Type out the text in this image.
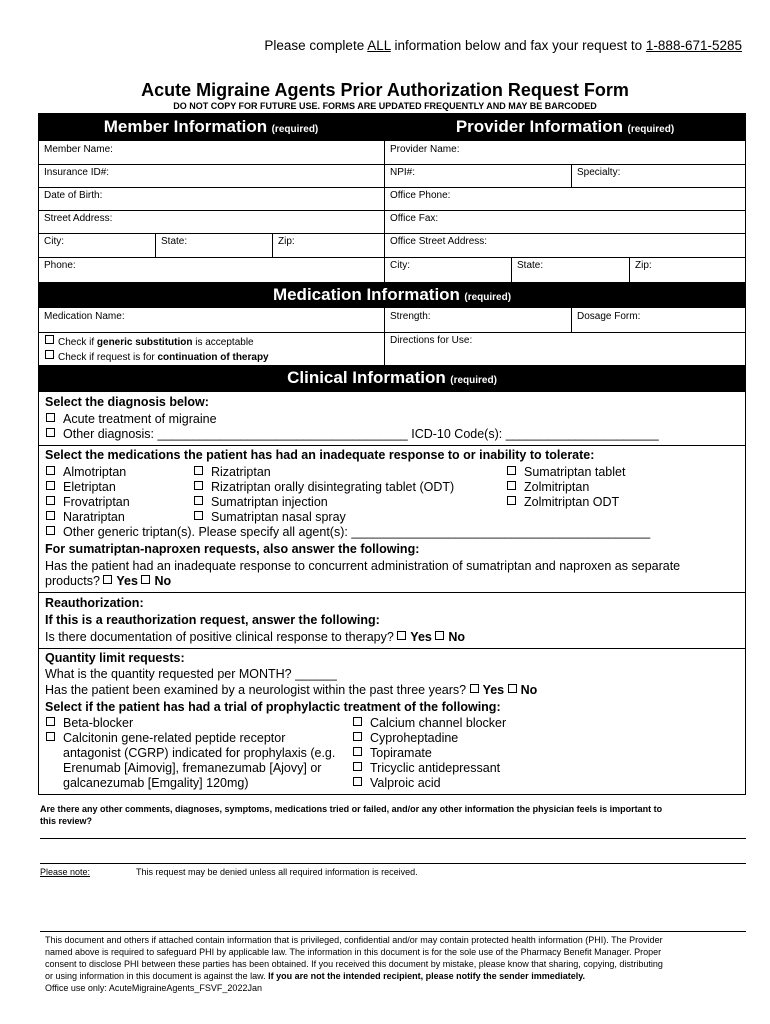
Please complete ALL information below and fax your request to 1-888-671-5285
Acute Migraine Agents Prior Authorization Request Form
DO NOT COPY FOR FUTURE USE. FORMS ARE UPDATED FREQUENTLY AND MAY BE BARCODED
Member Information (required)	Provider Information (required)
Member Name:
Insurance ID#:
Date of Birth:
Street Address:
City:	State:	Zip:
Phone:
Provider Name:
NPI#:	Specialty:
Office Phone:
Office Fax:
Office Street Address:
City:	State:	Zip:
Medication Information (required)
Medication Name:	Strength:	Dosage Form:
Directions for Use:
Check if generic substitution is acceptable
Check if request is for continuation of therapy
Clinical Information (required)
Select the diagnosis below:
Acute treatment of migraine
Other diagnosis: ____________________________________ ICD-10 Code(s): ______________________
Select the medications the patient has had an inadequate response to or inability to tolerate:
Almotriptan
Eletriptan
Frovatriptan
Naratriptan
Rizatriptan
Rizatriptan orally disintegrating tablet (ODT)
Sumatriptan injection
Sumatriptan nasal spray
Sumatriptan tablet
Zolmitriptan
Zolmitriptan ODT
Other generic triptan(s). Please specify all agent(s): ___________________________________________
For sumatriptan-naproxen requests, also answer the following:
Has the patient had an inadequate response to concurrent administration of sumatriptan and naproxen as separate
products? Yes No
Reauthorization:
If this is a reauthorization request, answer the following:
Is there documentation of positive clinical response to therapy? Yes No
Quantity limit requests:
What is the quantity requested per MONTH? ______
Has the patient been examined by a neurologist within the past three years? Yes No
Select if the patient has had a trial of prophylactic treatment of the following:
Beta-blocker
Calcitonin gene-related peptide receptor
antagonist (CGRP) indicated for prophylaxis (e.g.
Erenumab [Aimovig], fremanezumab [Ajovy] or
galcanezumab [Emgality] 120mg)
Calcium channel blocker
Cyproheptadine
Topiramate
Tricyclic antidepressant
Valproic acid
Are there any other comments, diagnoses, symptoms, medications tried or failed, and/or any other information the physician feels is important to
this review?
Please note:	This request may be denied unless all required information is received.
This document and others if attached contain information that is privileged, confidential and/or may contain protected health information (PHI). The Provider
named above is required to safeguard PHI by applicable law. The information in this document is for the sole use of the Pharmacy Benefit Manager. Proper
consent to disclose PHI between these parties has been obtained. If you received this document by mistake, please know that sharing, copying, distributing
or using information in this document is against the law. If you are not the intended recipient, please notify the sender immediately.
Office use only: AcuteMigraineAgents_FSVF_2022Jan
